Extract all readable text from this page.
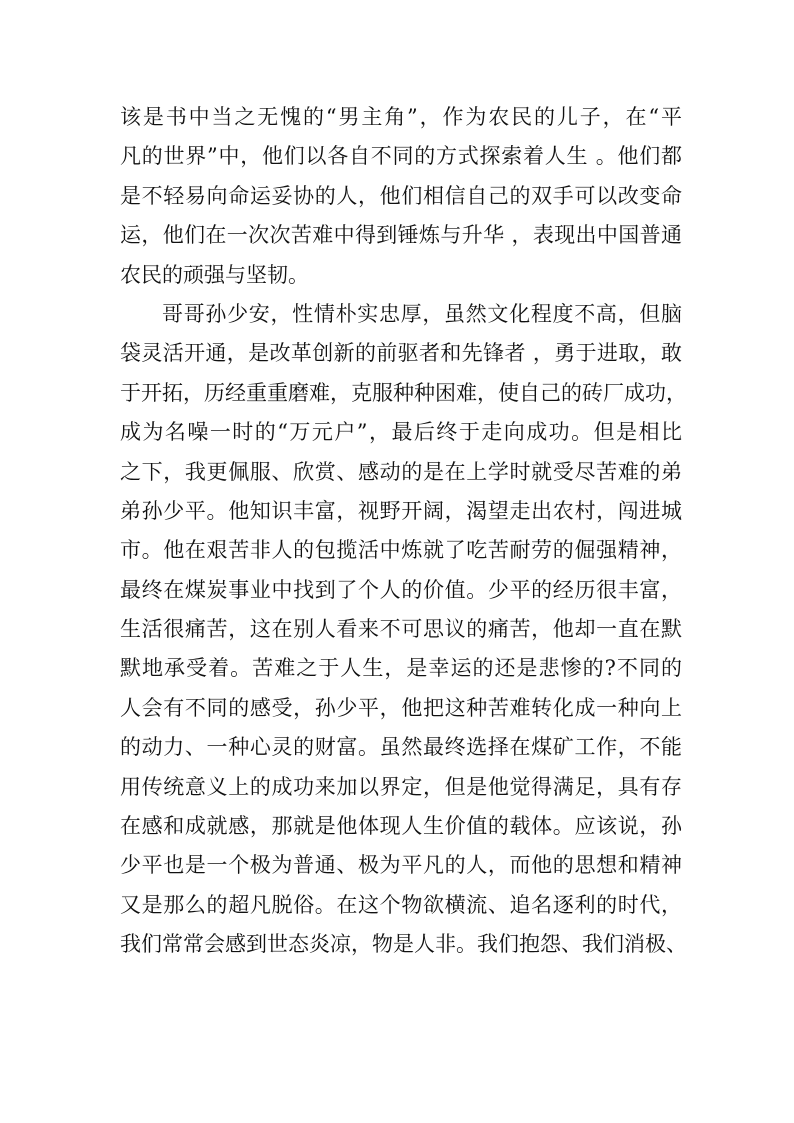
该是书中当之无愧的“男主角”，作为农民的儿子，在“平
凡的世界”中，他们以各自不同的方式探索着人生 。他们都
是不轻易向命运妥协的人，他们相信自己的双手可以改变命
运，他们在一次次苦难中得到锤炼与升华 ，表现出中国普通
农民的顽强与坚韧。
哥哥孙少安，性情朴实忠厚，虽然文化程度不高，但脑
袋灵活开通，是改革创新的前驱者和先锋者 ，勇于进取，敢
于开拓，历经重重磨难，克服种种困难，使自己的砖厂成功，
成为名噪一时的“万元户”，最后终于走向成功。但是相比
之下，我更佩服、欣赏、感动的是在上学时就受尽苦难的弟
弟孙少平。他知识丰富，视野开阔，渴望走出农村，闯进城
市。他在艰苦非人的包揽活中炼就了吃苦耐劳的倔强精神，
最终在煤炭事业中找到了个人的价值。少平的经历很丰富，
生活很痛苦，这在别人看来不可思议的痛苦，他却一直在默
默地承受着。苦难之于人生，是幸运的还是悲惨的?不同的
人会有不同的感受，孙少平，他把这种苦难转化成一种向上
的动力、一种心灵的财富。虽然最终选择在煤矿工作，不能
用传统意义上的成功来加以界定，但是他觉得满足，具有存
在感和成就感，那就是他体现人生价值的载体。应该说，孙
少平也是一个极为普通、极为平凡的人，而他的思想和精神
又是那么的超凡脱俗。在这个物欲横流、追名逐利的时代，
我们常常会感到世态炎凉，物是人非。我们抱怨、我们消极、
